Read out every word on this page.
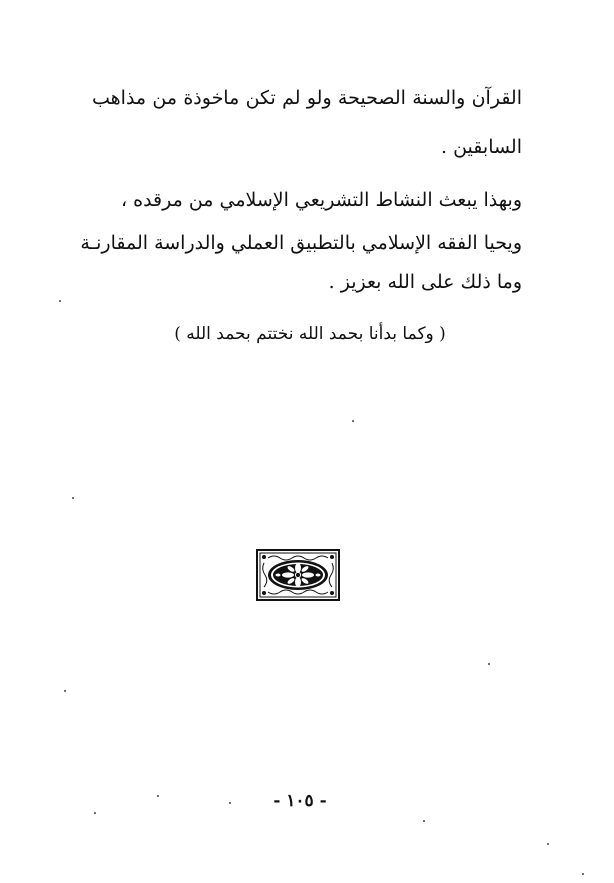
القرآن والسنة الصحيحة ولو لم تكن ماخوذة من مذاهب
السابقين .
وبهذا يبعث النشاط التشريعي الإسلامي من مرقده ،
ويحيا الفقه الإسلامي بالتطبيق العملي والدراسة المقارنـة
وما ذلك على الله بعزيز .
( وكما بدأنا بحمد الله نختتم بحمد الله )
- ١٠٥ -
